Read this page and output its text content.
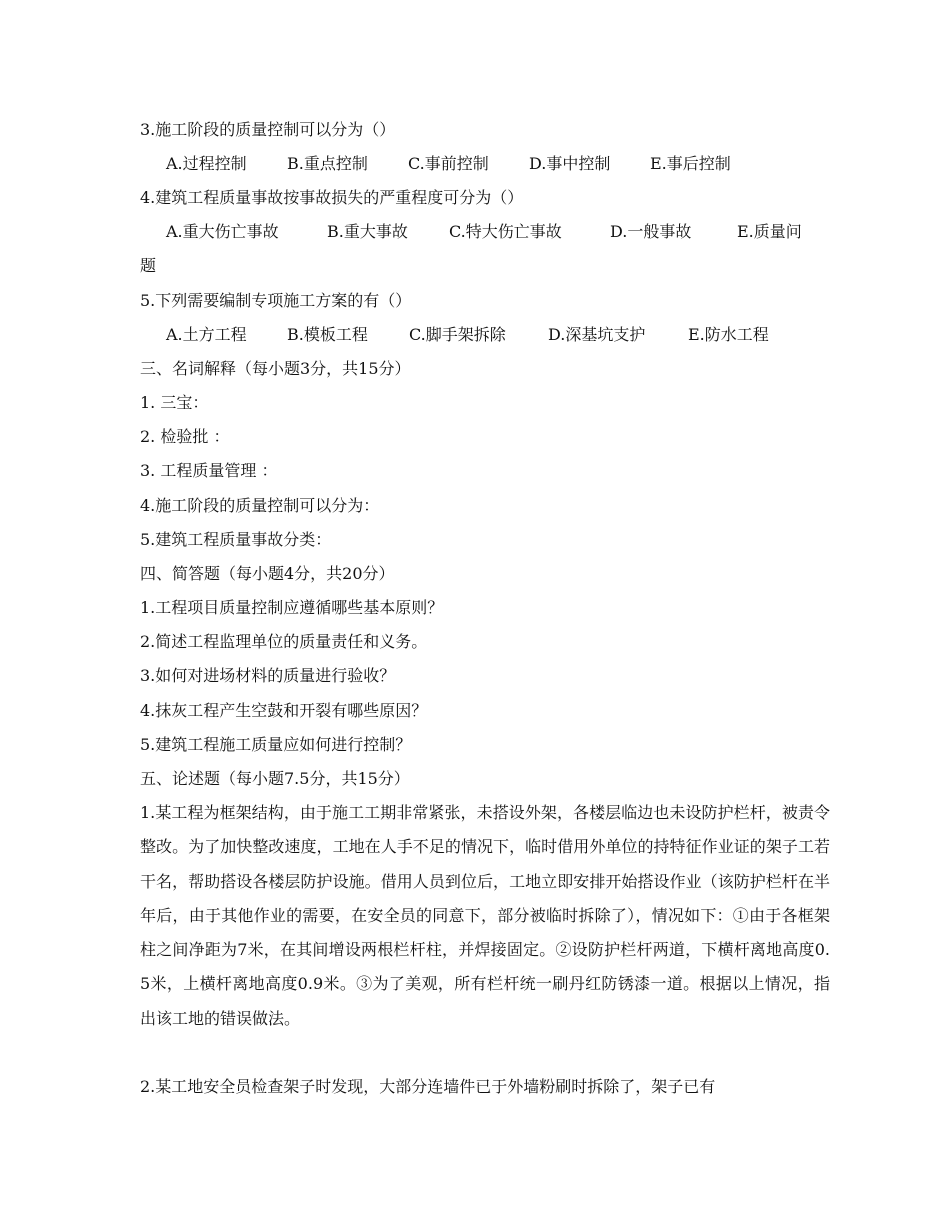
3.施工阶段的质量控制可以分为（）
A.过程控制	B.重点控制	C.事前控制	D.事中控制 E.事后控制
4.建筑工程质量事故按事故损失的严重程度可分为（）
A.重大伤亡事故	B.重大事故	C.特大伤亡事故	D.一般事故	E.质量问
题
5.下列需要编制专项施工方案的有（）
A.土方工程	B.模板工程	C.脚手架拆除	D.深基坑支护	E.防水工程
三、名词解释（每小题3分，共15分）
1. 三宝：
2. 检验批 ：
3. 工程质量管理 ：
4.施工阶段的质量控制可以分为：
5.建筑工程质量事故分类：
四、简答题（每小题4分，共20分）
1.工程项目质量控制应遵循哪些基本原则？
2.简述工程监理单位的质量责任和义务。
3.如何对进场材料的质量进行验收？
4.抹灰工程产生空鼓和开裂有哪些原因？
5.建筑工程施工质量应如何进行控制？
五、论述题（每小题7.5分，共15分）
1.某工程为框架结构，由于施工工期非常紧张，未搭设外架，各楼层临边也未设防护栏杆，被责令整改。为了加快整改速度，工地在人手不足的情况下，临时借用外单位的持特征作业证的架子工若干名，帮助搭设各楼层防护设施。借用人员到位后，工地立即安排开始搭设作业（该防护栏杆在半年后，由于其他作业的需要，在安全员的同意下，部分被临时拆除了），情况如下：①由于各框架柱之间净距为7米，在其间增设两根栏杆柱，并焊接固定。②设防护栏杆两道，下横杆离地高度0.5米，上横杆离地高度0.9米。③为了美观，所有栏杆统一刷丹红防锈漆一道。根据以上情况，指出该工地的错误做法。
2.某工地安全员检查架子时发现，大部分连墙件已于外墙粉刷时拆除了，架子已有
